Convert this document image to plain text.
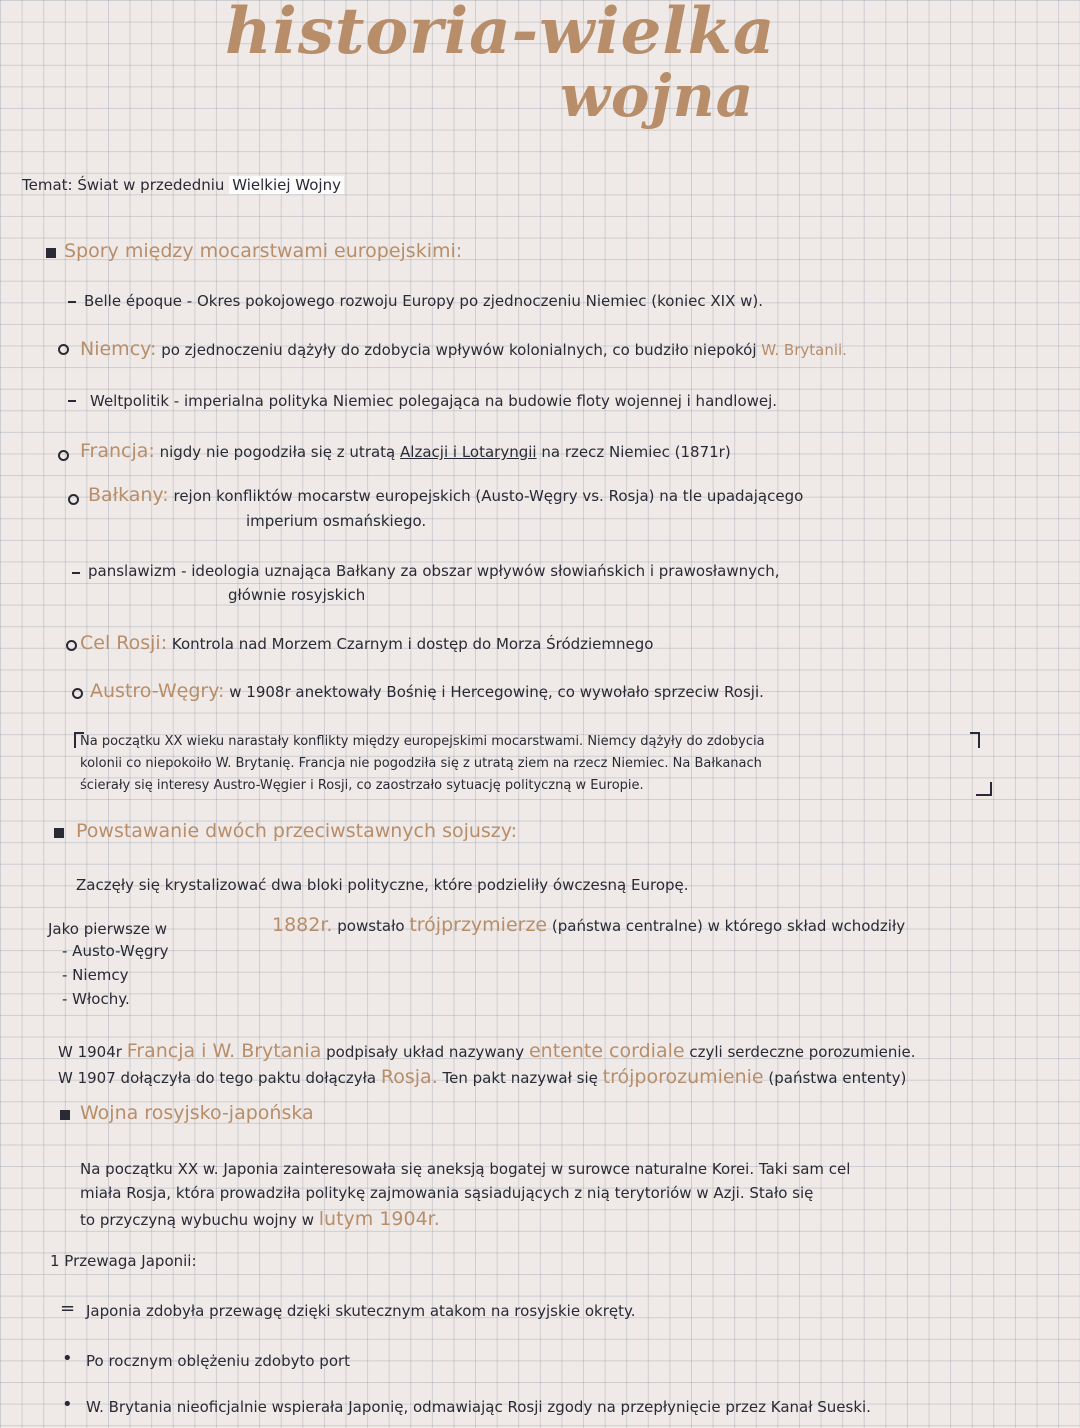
historia-wielka
wojna
Temat: Świat w przededniu Wielkiej Wojny
Spory między mocarstwami europejskimi:
Belle époque - Okres pokojowego rozwoju Europy po zjednoczeniu Niemiec (koniec XIX w).
Niemcy: po zjednoczeniu dążyły do zdobycia wpływów kolonialnych, co budziło niepokój W. Brytanii.
Weltpolitik - imperialna polityka Niemiec polegająca na budowie floty wojennej i handlowej.
Francja: nigdy nie pogodziła się z utratą Alzacji i Lotaryngii na rzecz Niemiec (1871r)
Bałkany: rejon konfliktów mocarstw europejskich (Austo-Węgry vs. Rosja) na tle upadającego
imperium osmańskiego.
panslawizm - ideologia uznająca Bałkany za obszar wpływów słowiańskich i prawosławnych,
głównie rosyjskich
Cel Rosji: Kontrola nad Morzem Czarnym i dostęp do Morza Śródziemnego
Austro-Węgry: w 1908r anektowały Bośnię i Hercegowinę, co wywołało sprzeciw Rosji.
Na początku XX wieku narastały konflikty między europejskimi mocarstwami. Niemcy dążyły do zdobycia
kolonii co niepokoiło W. Brytanię. Francja nie pogodziła się z utratą ziem na rzecz Niemiec. Na Bałkanach
ścierały się interesy Austro-Węgier i Rosji, co zaostrzało sytuację polityczną w Europie.
Powstawanie dwóch przeciwstawnych sojuszy:
Zaczęły się krystalizować dwa bloki polityczne, które podzieliły ówczesną Europę.
1882r. powstało trójprzymierze (państwa centralne) w którego skład wchodziły
Jako pierwsze w
- Austo-Węgry
- Niemcy
- Włochy.
W 1904r Francja i W. Brytania podpisały układ nazywany entente cordiale czyli serdeczne porozumienie.
W 1907 dołączyła do tego paktu dołączyła Rosja. Ten pakt nazywał się trójporozumienie (państwa ententy)
Wojna rosyjsko-japońska
Na początku XX w. Japonia zainteresowała się aneksją bogatej w surowce naturalne Korei. Taki sam cel
miała Rosja, która prowadziła politykę zajmowania sąsiadujących z nią terytoriów w Azji. Stało się
to przyczyną wybuchu wojny w lutym 1904r.
1 Przewaga Japonii:
= Japonia zdobyła przewagę dzięki skutecznym atakom na rosyjskie okręty.
• Po rocznym oblężeniu zdobyto port
• W. Brytania nieoficjalnie wspierała Japonię, odmawiając Rosji zgody na przepłynięcie przez Kanał Sueski.
